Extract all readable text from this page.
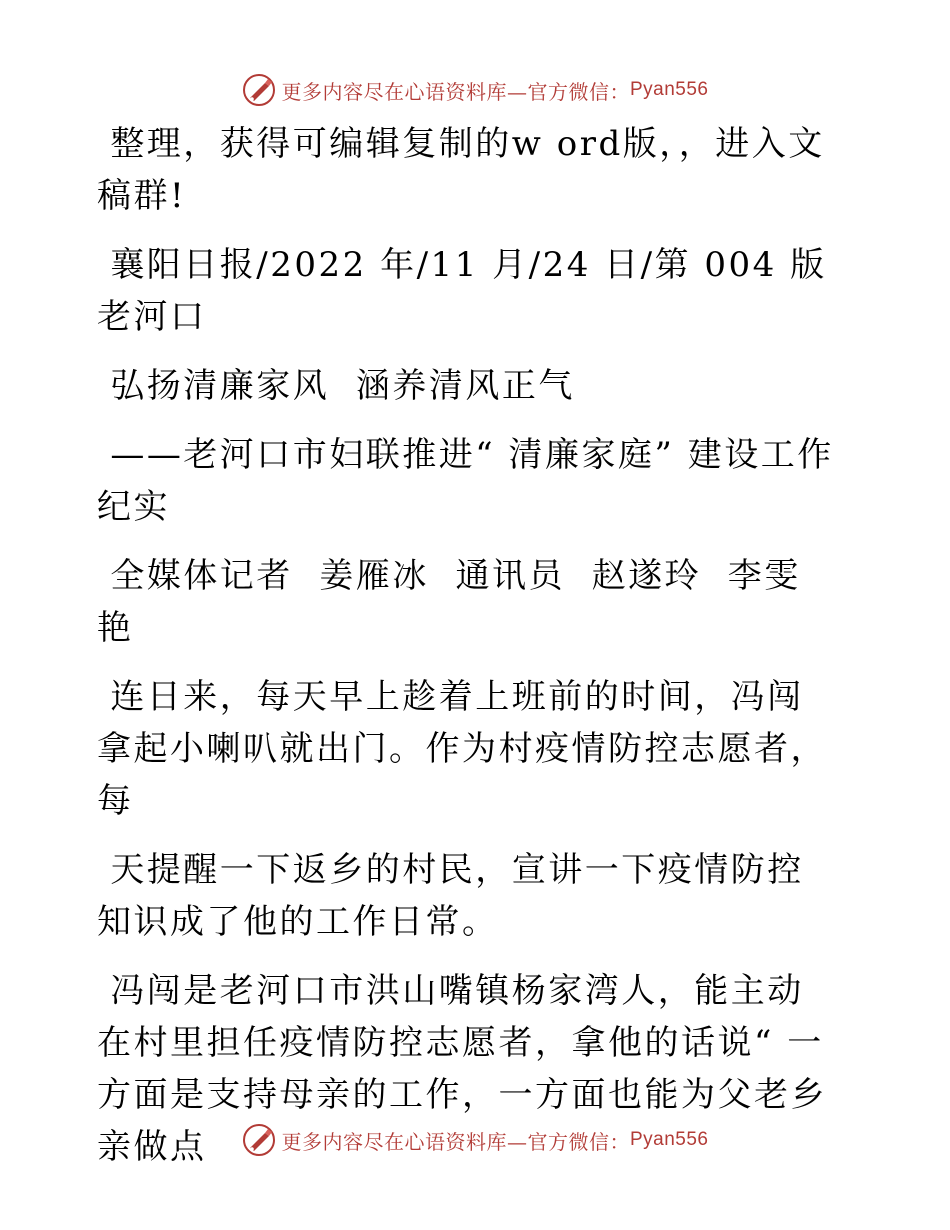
更多内容尽在心语资料库—官方微信： Pyan556

整理，获得可编辑复制的w ord版，，进入文稿群!

襄阳日报/2022 年/11 月/24 日/第 004 版老河口

弘扬清廉家风  涵养清风正气

——老河口市妇联推进“ 清廉家庭” 建设工作纪实

全媒体记者  姜雁冰  通讯员  赵遂玲  李雯艳

连日来，每天早上趁着上班前的时间，冯闯拿起小喇叭就出门。作为村疫情防控志愿者，每

天提醒一下返乡的村民，宣讲一下疫情防控知识成了他的工作日常。

冯闯是老河口市洪山嘴镇杨家湾人，能主动在村里担任疫情防控志愿者，拿他的话说“ 一方面是支持母亲的工作，一方面也能为父老乡亲做点	更多内容尽在心语资料库—官方微信： Pyan556
